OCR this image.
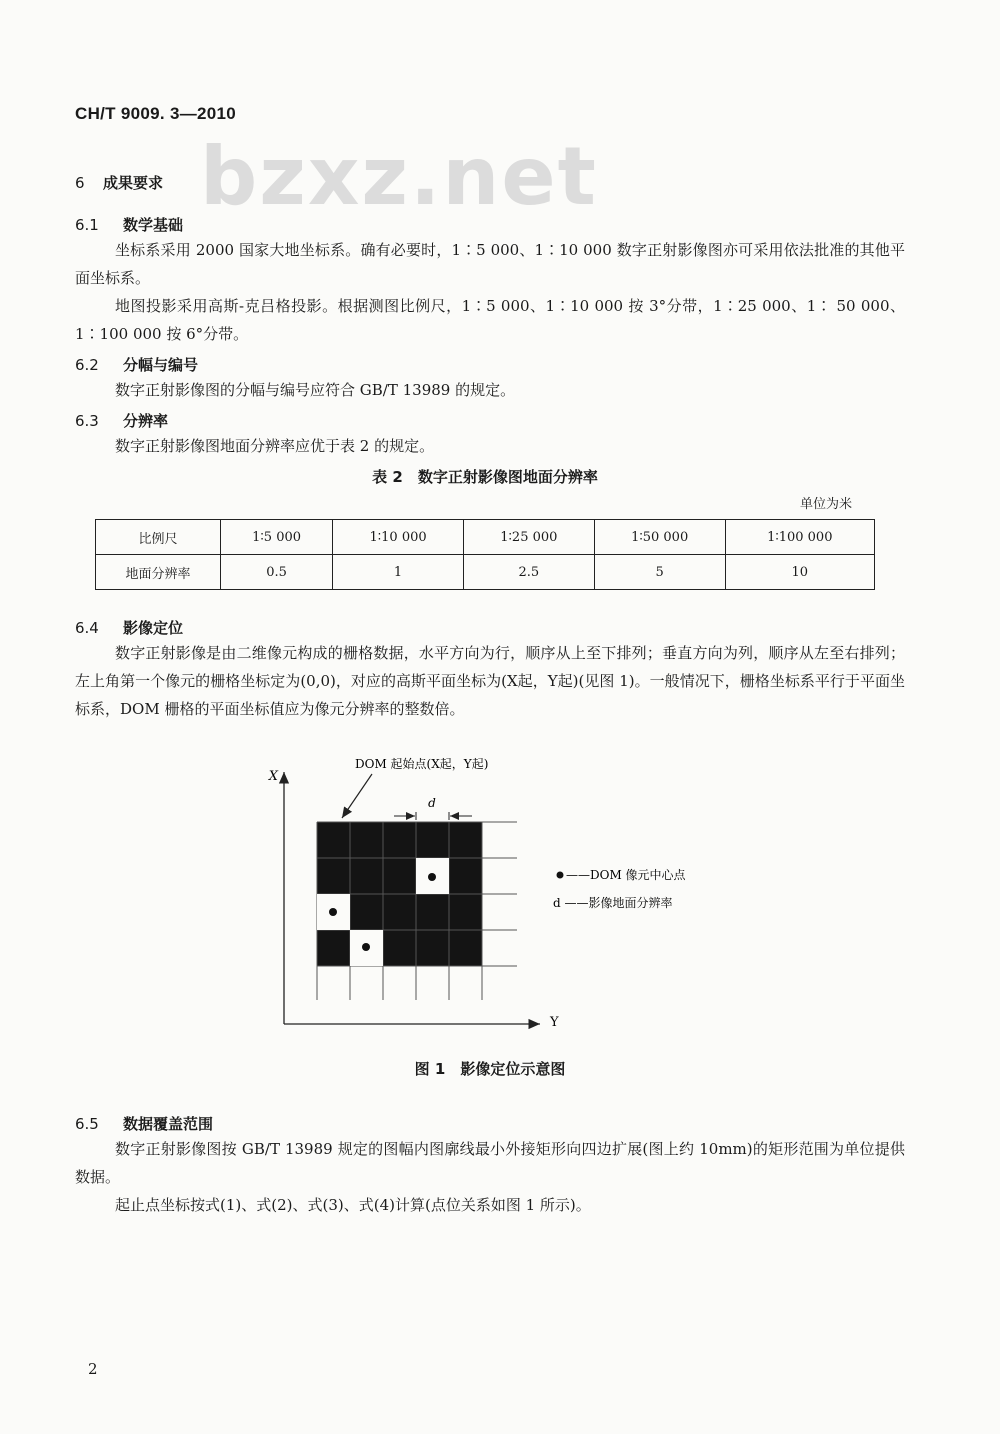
CH/T 9009. 3—2010
bzxz.net
6 成果要求
6.1 数学基础
坐标系采用 2000 国家大地坐标系。确有必要时，1∶5 000、1∶10 000 数字正射影像图亦可采用依法批准的其他平面坐标系。
地图投影采用高斯-克吕格投影。根据测图比例尺，1∶5 000、1∶10 000 按 3°分带，1∶25 000、1∶ 50 000、1∶100 000 按 6°分带。
6.2 分幅与编号
数字正射影像图的分幅与编号应符合 GB/T 13989 的规定。
6.3 分辨率
数字正射影像图地面分辨率应优于表 2 的规定。
表 2　数字正射影像图地面分辨率
单位为米
比例尺	1∶5 000	1∶10 000	1∶25 000	1∶50 000	1∶100 000
地面分辨率	0.5	1	2.5	5	10
6.4 影像定位
数字正射影像是由二维像元构成的栅格数据，水平方向为行，顺序从上至下排列；垂直方向为列，顺序从左至右排列；左上角第一个像元的栅格坐标定为(0,0)，对应的高斯平面坐标为(X起，Y起)(见图 1)。一般情况下，栅格坐标系平行于平面坐标系，DOM 栅格的平面坐标值应为像元分辨率的整数倍。
X
Y
d
DOM 起始点(X起，Y起)
——DOM 像元中心点
d ——影像地面分辨率
图 1　影像定位示意图
6.5 数据覆盖范围
数字正射影像图按 GB/T 13989 规定的图幅内图廓线最小外接矩形向四边扩展(图上约 10mm)的矩形范围为单位提供数据。
起止点坐标按式(1)、式(2)、式(3)、式(4)计算(点位关系如图 1 所示)。
2
